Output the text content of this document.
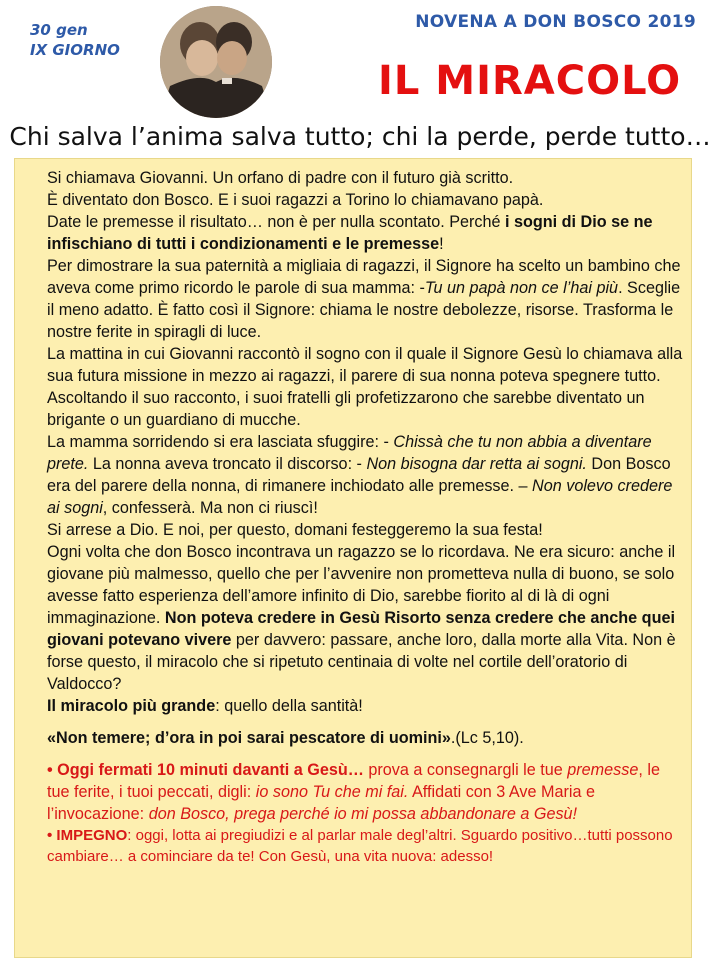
30 gen
IX GIORNO
NOVENA A DON BOSCO 2019
IL MIRACOLO
Chi salva l’anima salva tutto; chi la perde, perde tutto…

Si chiamava Giovanni. Un orfano di padre con il futuro già scritto.

È diventato don Bosco. E i suoi ragazzi a Torino lo chiamavano papà.

Date le premesse il risultato… non è per nulla scontato. Perché i sogni di Dio se ne infischiano di tutti i condizionamenti e le premesse!

Per dimostrare la sua paternità a migliaia di ragazzi, il Signore ha scelto un bambino che aveva come primo ricordo le parole di sua mamma: -Tu un papà non ce l’hai più. Sceglie il meno adatto. È fatto così il Signore: chiama le nostre debolezze, risorse. Trasforma le nostre ferite in spiragli di luce.

La mattina in cui Giovanni raccontò il sogno con il quale il Signore Gesù lo chiamava alla sua futura missione in mezzo ai ragazzi, il parere di sua nonna poteva spegnere tutto. Ascoltando il suo racconto, i suoi fratelli gli profetizzarono che sarebbe diventato un brigante o un guardiano di mucche.

La mamma sorridendo si era lasciata sfuggire: - Chissà che tu non abbia a diventare prete. La nonna aveva troncato il discorso: - Non bisogna dar retta ai sogni. Don Bosco era del parere della nonna, di rimanere inchiodato alle premesse. – Non volevo credere ai sogni, confesserà. Ma non ci riuscì!

Si arrese a Dio. E noi, per questo, domani festeggeremo la sua festa!

Ogni volta che don Bosco incontrava un ragazzo se lo ricordava. Ne era sicuro: anche il giovane più malmesso, quello che per l’avvenire non prometteva nulla di buono, se solo avesse fatto esperienza dell’amore infinito di Dio, sarebbe fiorito al di là di ogni immaginazione. Non poteva credere in Gesù Risorto senza credere che anche quei giovani potevano vivere per davvero: passare, anche loro, dalla morte alla Vita. Non è forse questo, il miracolo che si ripetuto centinaia di volte nel cortile dell’oratorio di Valdocco?

Il miracolo più grande: quello della santità!

«Non temere; d’ora in poi sarai pescatore di uomini».(Lc 5,10).
• Oggi fermati 10 minuti davanti a Gesù… prova a consegnargli le tue premesse, le tue ferite, i tuoi peccati, digli: io sono Tu che mi fai. Affidati con 3 Ave Maria e l’invocazione: don Bosco, prega perché io mi possa abbandonare a Gesù!
• IMPEGNO: oggi, lotta ai pregiudizi e al parlar male degl’altri. Sguardo positivo…tutti possono cambiare… a cominciare da te! Con Gesù, una vita nuova: adesso!
